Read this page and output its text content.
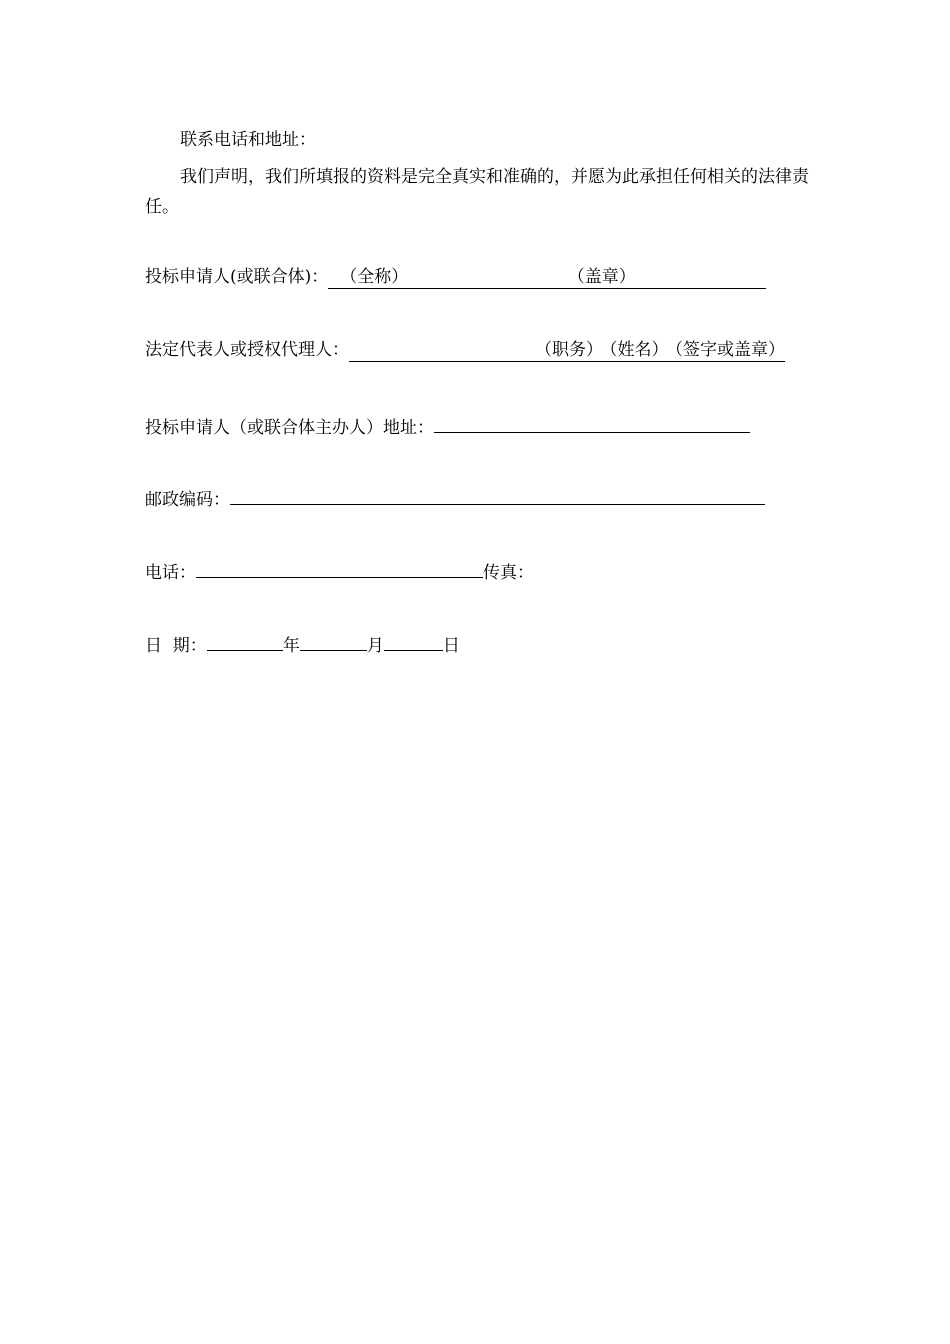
联系电话和地址：

我们声明，我们所填报的资料是完全真实和准确的，并愿为此承担任何相关的法律责任。

投标申请人(或联合体)： （全称）	（盖章）
法定代表人或授权代理人：	（职务） （姓名） （签字或盖章）
投标申请人（或联合体主办人）地址：
邮政编码：
电话：	传真：
日  期：	年	月	日
